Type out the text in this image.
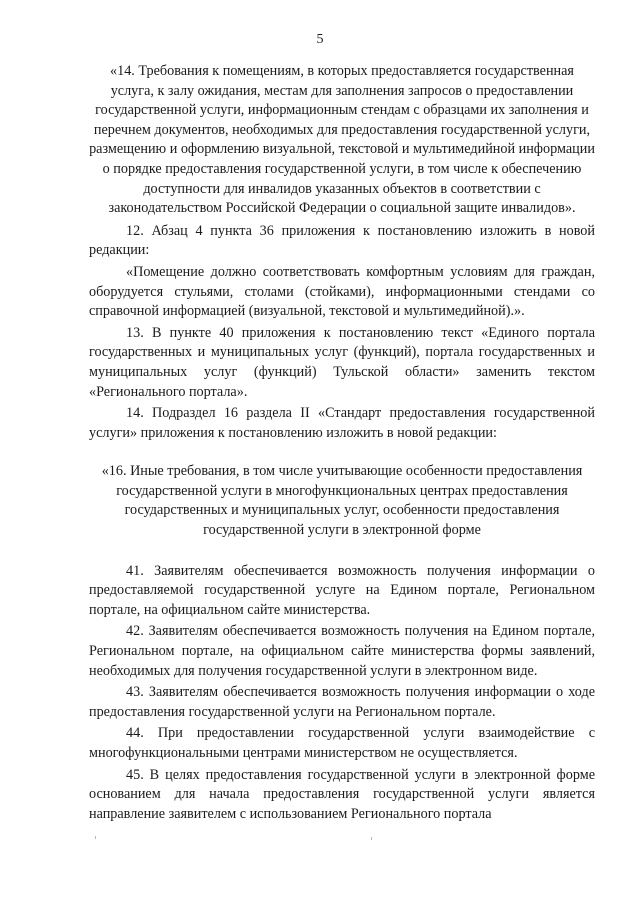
5
«14. Требования к помещениям, в которых предоставляется государственная услуга, к залу ожидания, местам для заполнения запросов о предоставлении государственной услуги, информационным стендам с образцами их заполнения и перечнем документов, необходимых для предоставления государственной услуги, размещению и оформлению визуальной, текстовой и мультимедийной информации о порядке предоставления государственной услуги, в том числе к обеспечению доступности для инвалидов указанных объектов в соответствии с законодательством Российской Федерации о социальной защите инвалидов».

12. Абзац 4 пункта 36 приложения к постановлению изложить в новой редакции:

«Помещение должно соответствовать комфортным условиям для граждан, оборудуется стульями, столами (стойками), информационными стендами со справочной информацией (визуальной, текстовой и мультимедийной).».

13. В пункте 40 приложения к постановлению текст «Единого портала государственных и муниципальных услуг (функций), портала государственных и муниципальных услуг (функций) Тульской области» заменить текстом «Регионального портала».

14. Подраздел 16 раздела II «Стандарт предоставления государственной услуги» приложения к постановлению изложить в новой редакции:

«16. Иные требования, в том числе учитывающие особенности предоставления государственной услуги в многофункциональных центрах предоставления государственных и муниципальных услуг, особенности предоставления государственной услуги в электронной форме

41. Заявителям обеспечивается возможность получения информации о предоставляемой государственной услуге на Едином портале, Региональном портале, на официальном сайте министерства.

42. Заявителям обеспечивается возможность получения на Едином портале, Региональном портале, на официальном сайте министерства формы заявлений, необходимых для получения государственной услуги в электронном виде.

43. Заявителям обеспечивается возможность получения информации о ходе предоставления государственной услуги на Региональном портале.

44. При предоставлении государственной услуги взаимодействие с многофункциональными центрами министерством не осуществляется.

45. В целях предоставления государственной услуги в электронной форме основанием для начала предоставления государственной услуги является направление заявителем с использованием Регионального портала
